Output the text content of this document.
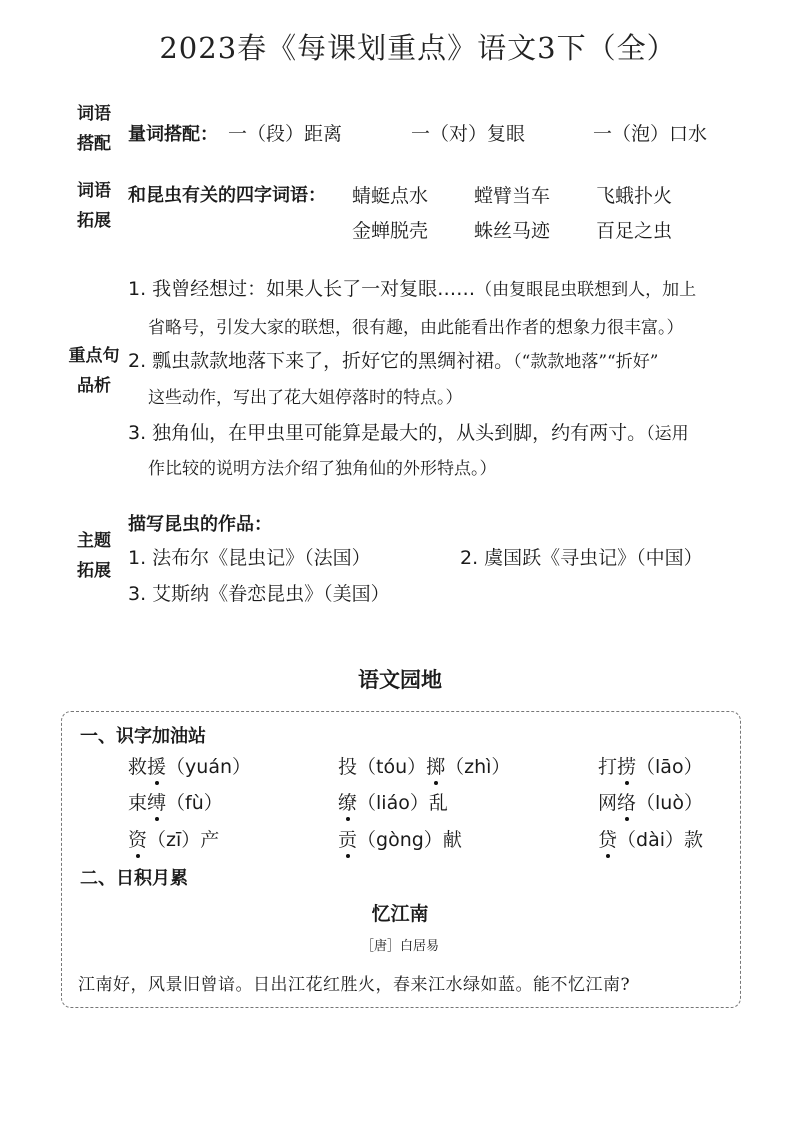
2023春《每课划重点》语文3下（全）
词语
搭配 量词搭配： 一（段）距离	一（对）复眼	一（泡）口水
词语
拓展
和昆虫有关的四字词语： 蜻蜓点水 螳臂当车 飞蛾扑火
金蝉脱壳 蛛丝马迹 百足之虫
重点句
品析
1. 我曾经想过：如果人长了一对复眼……（由复眼昆虫联想到人，加上
省略号，引发大家的联想，很有趣，由此能看出作者的想象力很丰富。）
2. 瓢虫款款地落下来了，折好它的黑绸衬裙。（“款款地落”“折好”
这些动作，写出了花大姐停落时的特点。）
3. 独角仙，在甲虫里可能算是最大的，从头到脚，约有两寸。（运用
作比较的说明方法介绍了独角仙的外形特点。）
主题
拓展
描写昆虫的作品：
1. 法布尔《昆虫记》（法国）	2. 虞国跃《寻虫记》（中国）
3. 艾斯纳《眷恋昆虫》（美国）
语文园地
一、识字加油站
救援（yuán）	投（tóu）掷（zhì）	打捞（lāo）
束缚（fù）	缭（liáo）乱	网络（luò）
资（zī）产	贡（gòng）献	贷（dài）款
二、日积月累
忆江南
［唐］白居易
江南好，风景旧曾谙。日出江花红胜火，春来江水绿如蓝。能不忆江南?
